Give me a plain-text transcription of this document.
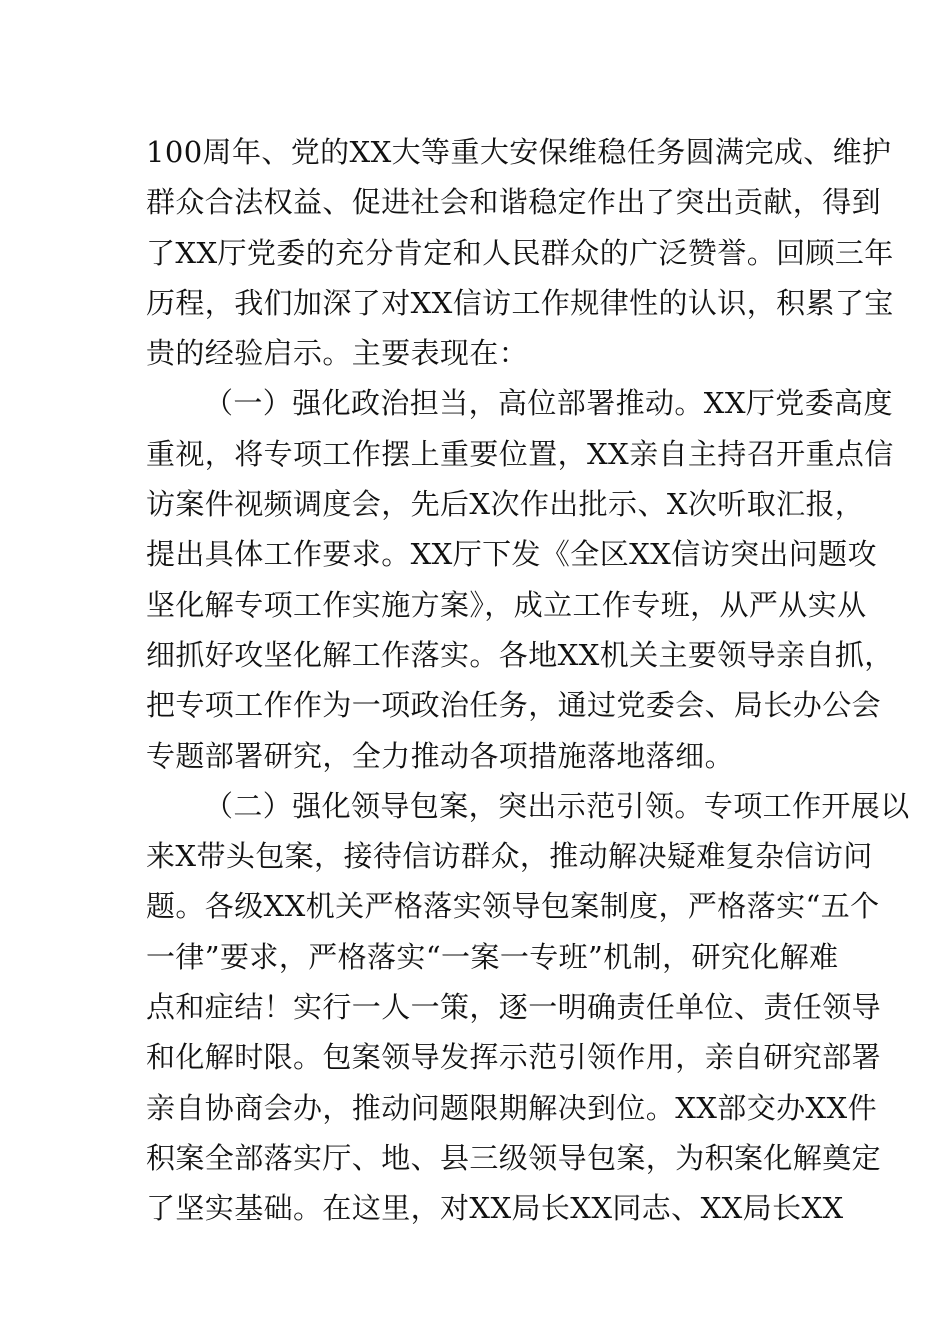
100周年、党的XX大等重大安保维稳任务圆满完成、维护
群众合法权益、促进社会和谐稳定作出了突出贡献，得到
了XX厅党委的充分肯定和人民群众的广泛赞誉。回顾三年
历程，我们加深了对XX信访工作规律性的认识，积累了宝
贵的经验启示。主要表现在：
（一）强化政治担当，高位部署推动。XX厅党委高度
重视，将专项工作摆上重要位置，XX亲自主持召开重点信
访案件视频调度会，先后X次作出批示、X次听取汇报，
提出具体工作要求。XX厅下发《全区XX信访突出问题攻
坚化解专项工作实施方案》，成立工作专班，从严从实从
细抓好攻坚化解工作落实。各地XX机关主要领导亲自抓，
把专项工作作为一项政治任务，通过党委会、局长办公会
专题部署研究，全力推动各项措施落地落细。
（二）强化领导包案，突出示范引领。专项工作开展以
来X带头包案，接待信访群众，推动解决疑难复杂信访问
题。各级XX机关严格落实领导包案制度，严格落实“五个
一律”要求，严格落实“一案一专班”机制，研究化解难
点和症结！实行一人一策，逐一明确责任单位、责任领导
和化解时限。包案领导发挥示范引领作用，亲自研究部署
亲自协商会办，推动问题限期解决到位。XX部交办XX件
积案全部落实厅、地、县三级领导包案，为积案化解奠定
了坚实基础。在这里，对XX局长XX同志、XX局长XX
